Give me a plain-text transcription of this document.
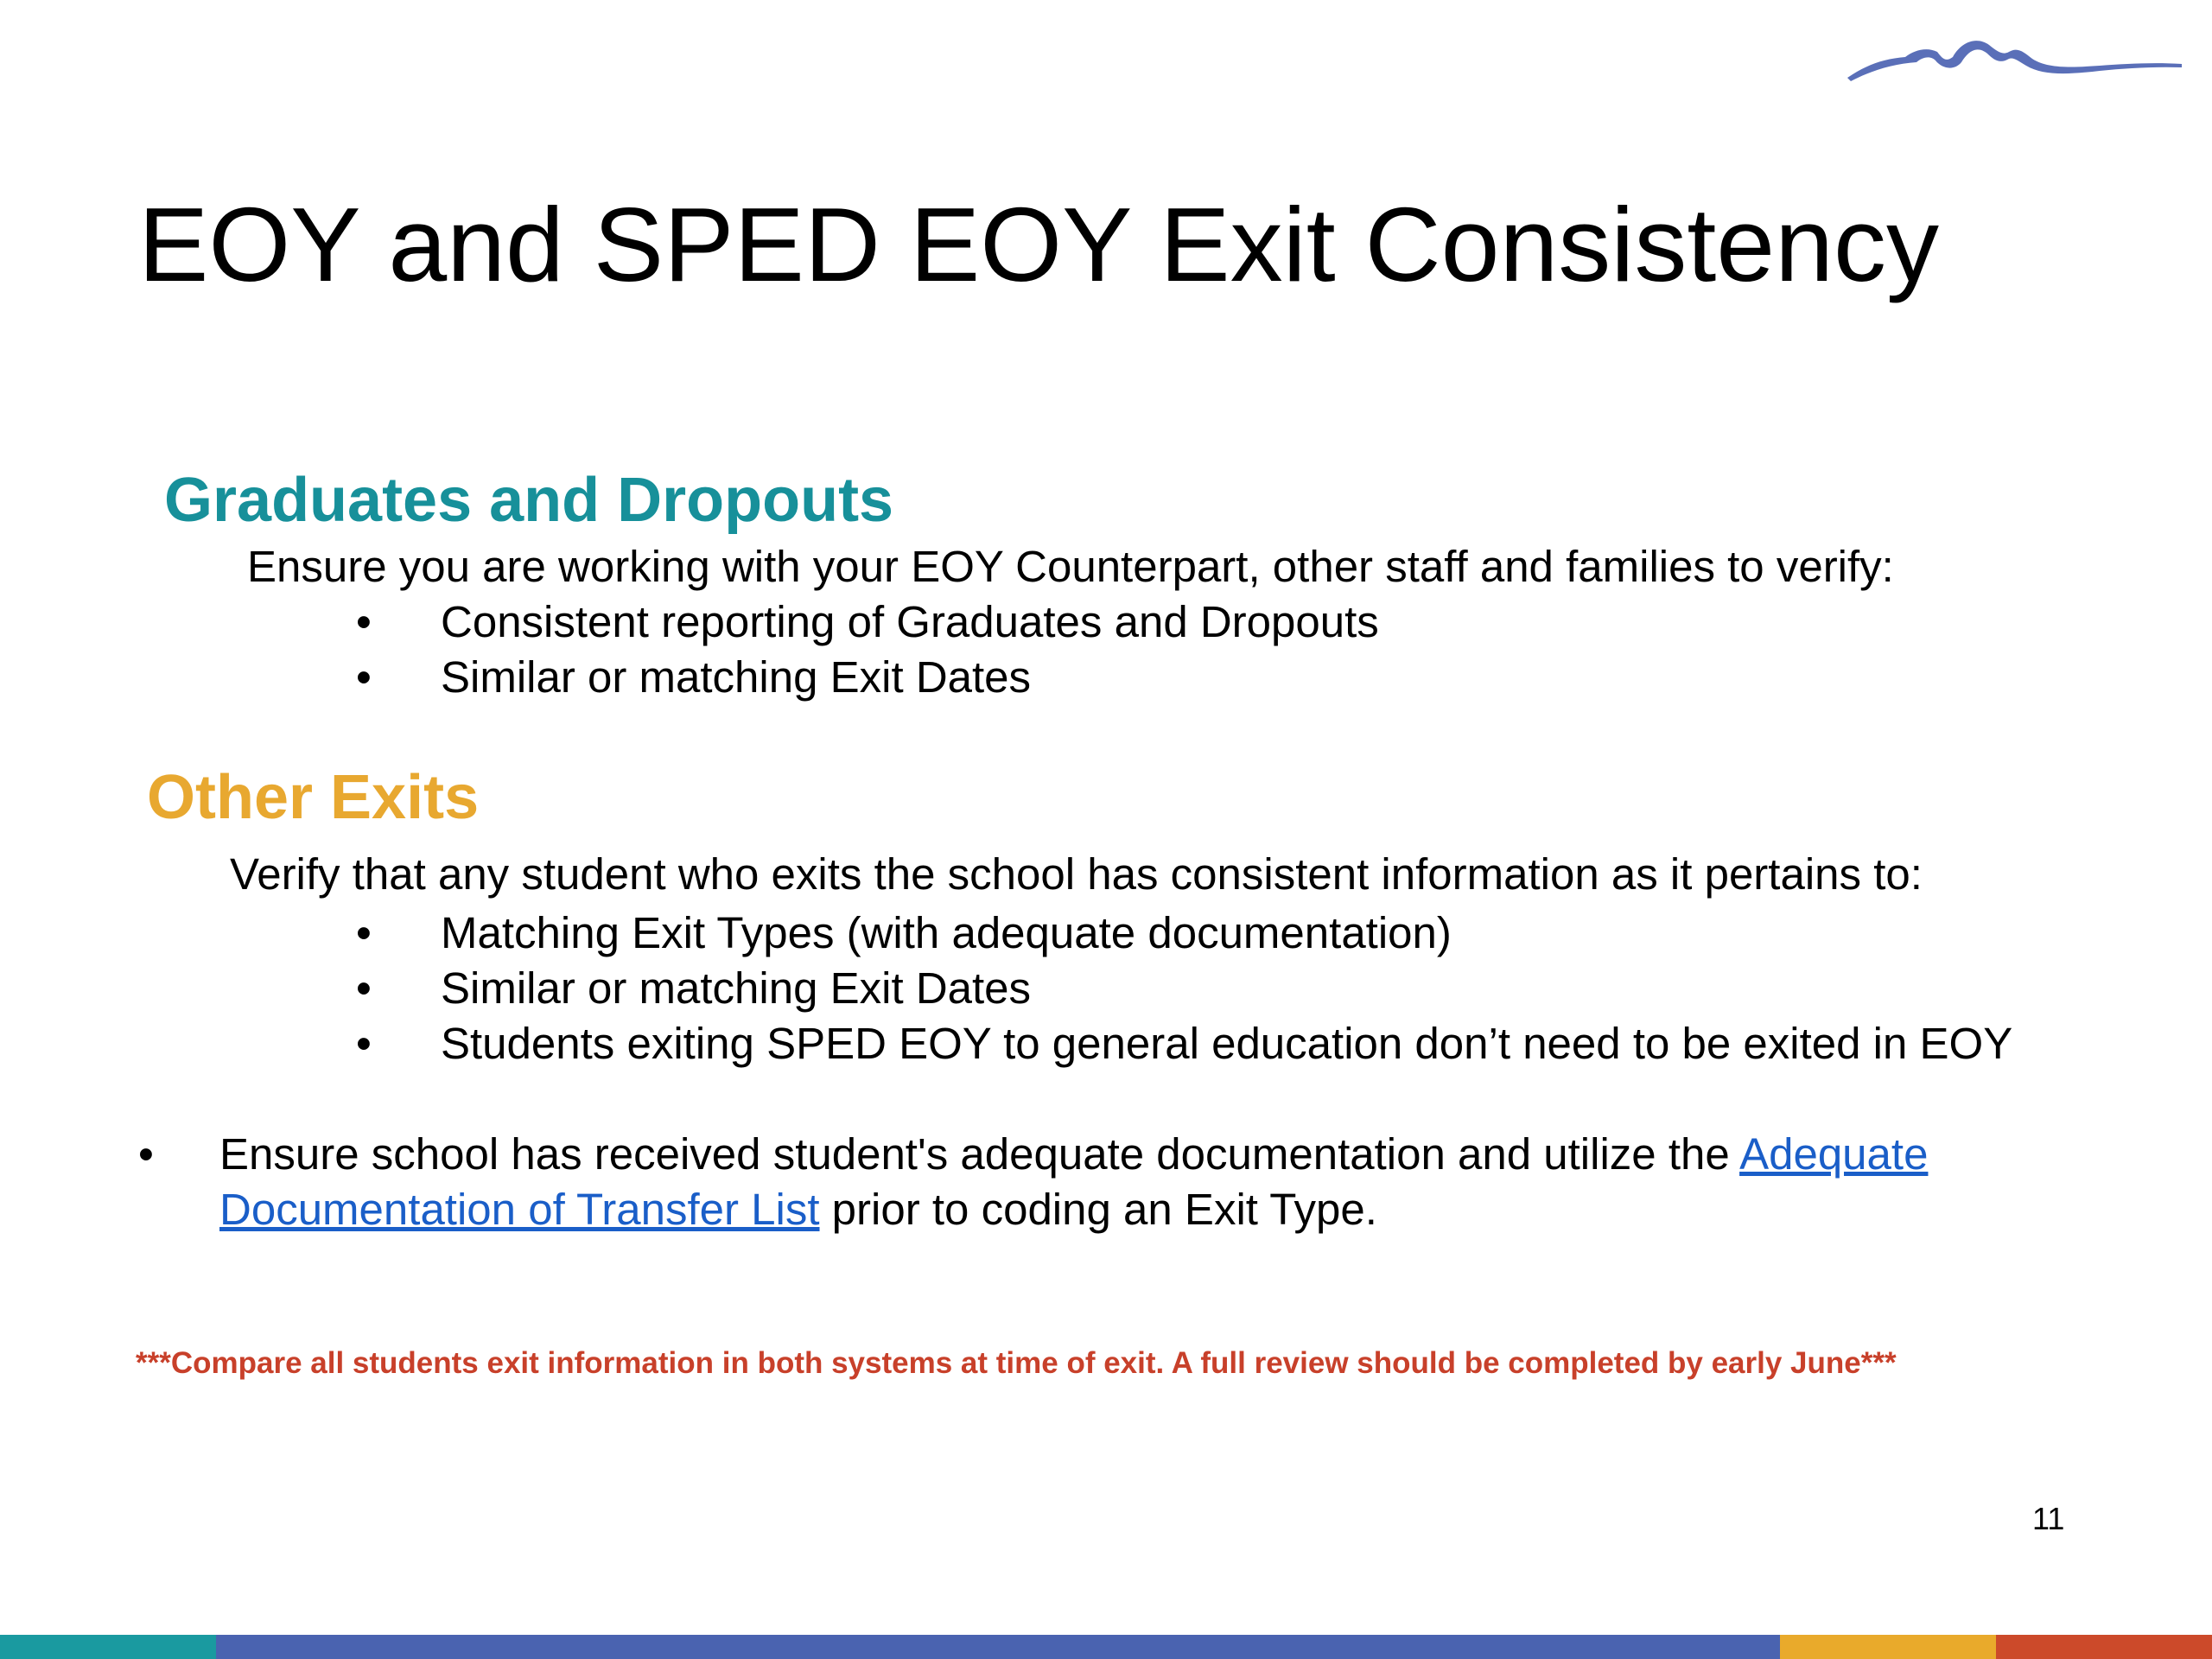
EOY and SPED EOY Exit Consistency
Graduates and Dropouts
Ensure you are working with your EOY Counterpart, other staff and families to verify:
• Consistent reporting of Graduates and Dropouts
• Similar or matching Exit Dates
Other Exits
Verify that any student who exits the school has consistent information as it pertains to:
• Matching Exit Types (with adequate documentation)
• Similar or matching Exit Dates
• Students exiting SPED EOY to general education don’t need to be exited in EOY
• Ensure school has received student's adequate documentation and utilize the Adequate
Documentation of Transfer List prior to coding an Exit Type.
***Compare all students exit information in both systems at time of exit. A full review should be completed by early June***
11
